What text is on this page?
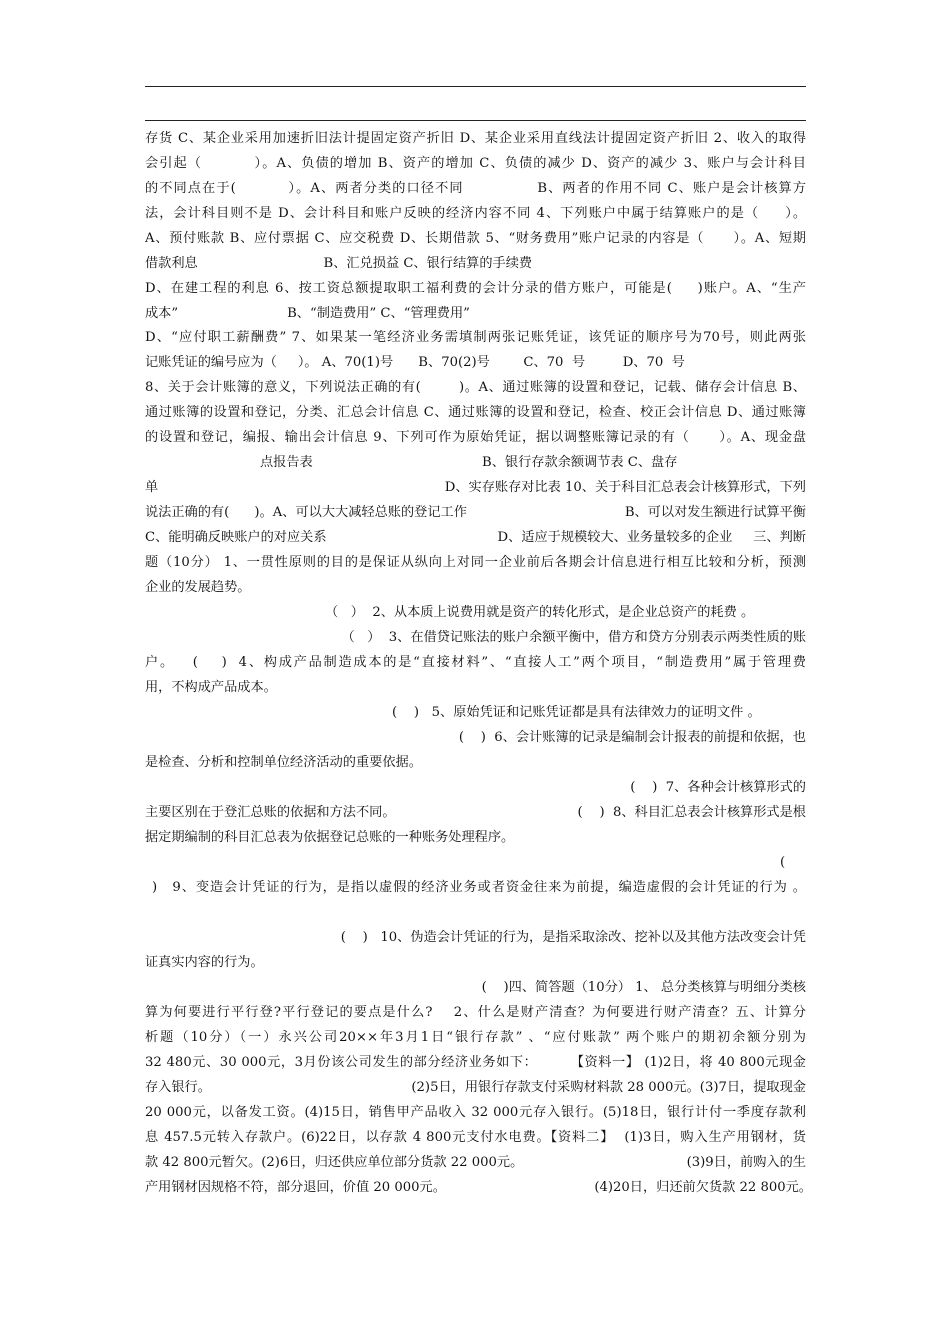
存货 C、某企业采用加速折旧法计提固定资产折旧 D、某企业采用直线法计提固定资产折旧 2、收入的取得
会引起（          ）。A、负债的增加 B、资产的增加 C、负债的减少 D、资产的减少 3、账户与会计科目
的不同点在于(          ）。A、两者分类的口径不同              B、两者的作用不同 C、账户是会计核算方
法，会计科目则不是 D、会计科目和账户反映的经济内容不同 4、下列账户中属于结算账户的是（     ）。
A、预付账款 B、应付票据 C、应交税费 D、长期借款 5、“财务费用”账户记录的内容是（      ）。A、短期
借款利息                              B、汇兑损益 C、银行结算的手续费
D、在建工程的利息 6、按工资总额提取职工福利费的会计分录的借方账户，可能是(     )账户。A、“生产
成本”                          B、“制造费用” C、“管理费用”
D、“应付职工薪酬费” 7、如果某一笔经济业务需填制两张记账凭证，该凭证的顺序号为70号，则此两张
记账凭证的编号应为（     ）。 A、70(1)号      B、70(2)号        C、70  号         D、70  号
8、关于会计账簿的意义，下列说法正确的有(        )。A、通过账簿的设置和登记，记载、储存会计信息 B、
通过账簿的设置和登记，分类、汇总会计信息 C、通过账簿的设置和登记，检查、校正会计信息 D、通过账簿
的设置和登记，编报、输出会计信息 9、下列可作为原始凭证，据以调整账簿记录的有（      ）。A、现金盘
点报告表	B、银行存款余额调节表 C、盘存
单	D、实存账存对比表 10、关于科目汇总表会计核算形式，下列
说法正确的有(      )。A、可以大大减轻总账的登记工作	B、可以对发生额进行试算平衡
C、能明确反映账户的对应关系	D、适应于规模较大、业务量较多的企业     三、判断
题（10分） 1、一贯性原则的目的是保证从纵向上对同一企业前后各期会计信息进行相互比较和分析，预测
企业的发展趋势。
（   ）  2、从本质上说费用就是资产的转化形式，是企业总资产的耗费 。
（   ）  3、在借贷记账法的账户余额平衡中，借方和贷方分别表示两类性质的账
户。   (    )  4、构成产品制造成本的是“直接材料”、“直接人工”两个项目，“制造费用”属于管理费
用，不构成产品成本。
(    )   5、原始凭证和记账凭证都是具有法律效力的证明文件 。
(    )  6、会计账簿的记录是编制会计报表的前提和依据，也
是检查、分析和控制单位经济活动的重要依据。
(    )  7、各种会计核算形式的
主要区别在于登汇总账的依据和方法不同。	(    )  8、科目汇总表会计核算形式是根
据定期编制的科目汇总表为依据登记总账的一种账务处理程序。
(
)   9、变造会计凭证的行为，是指以虚假的经济业务或者资金往来为前提，编造虚假的会计凭证的行为 。
(    )   10、伪造会计凭证的行为，是指采取涂改、挖补以及其他方法改变会计凭
证真实内容的行为。
(    )四、简答题（10分） 1、 总分类核算与明细分类核
算为何要进行平行登?平行登记的要点是什么?    2、什么是财产清查？为何要进行财产清查？五、计算分
析题（10分）（一）永兴公司20××年3月1日“银行存款” 、“应付账款” 两个账户的期初余额分别为
32 480元、30 000元，3月份该公司发生的部分经济业务如下：       【资料一】 (1)2日，将 40 800元现金
存入银行。	(2)5日，用银行存款支付采购材料款 28 000元。(3)7日，提取现金
20 000元，以备发工资。(4)15日，销售甲产品收入 32 000元存入银行。(5)18日，银行计付一季度存款利
息 457.5元转入存款户。(6)22日，以存款 4 800元支付水电费。【资料二】  (1)3日，购入生产用钢材，货
款 42 800元暂欠。(2)6日，归还供应单位部分货款 22 000元。	(3)9日，前购入的生
产用钢材因规格不符，部分退回，价值 20 000元。	(4)20日，归还前欠货款 22 800元。
